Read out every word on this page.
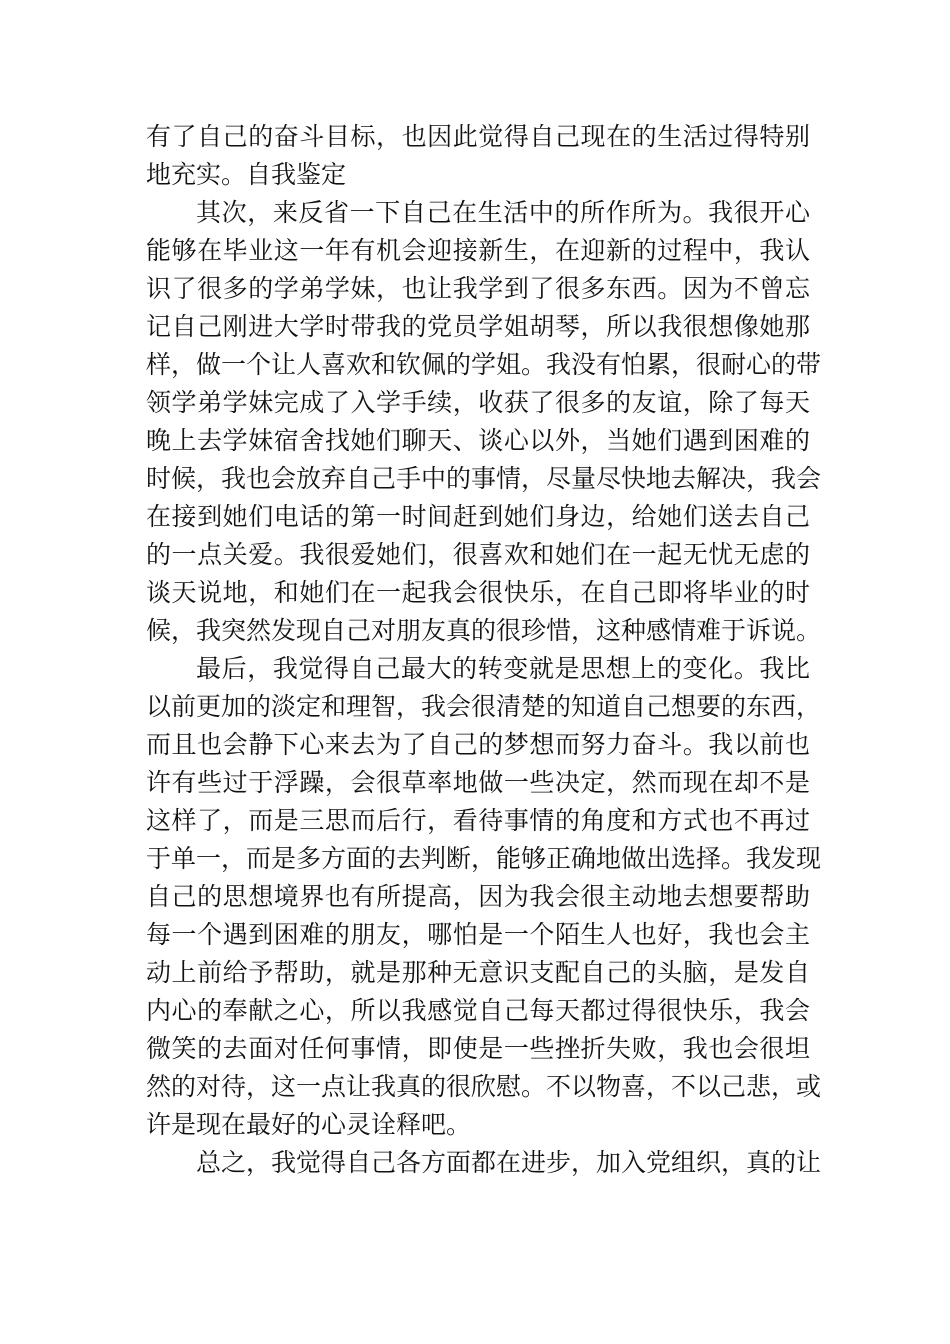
有了自己的奋斗目标，也因此觉得自己现在的生活过得特别
地充实。自我鉴定

其次，来反省一下自己在生活中的所作所为。我很开心
能够在毕业这一年有机会迎接新生，在迎新的过程中，我认
识了很多的学弟学妹，也让我学到了很多东西。因为不曾忘
记自己刚进大学时带我的党员学姐胡琴，所以我很想像她那
样，做一个让人喜欢和钦佩的学姐。我没有怕累，很耐心的带
领学弟学妹完成了入学手续，收获了很多的友谊，除了每天
晚上去学妹宿舍找她们聊天、谈心以外，当她们遇到困难的
时候，我也会放弃自己手中的事情，尽量尽快地去解决，我会
在接到她们电话的第一时间赶到她们身边，给她们送去自己
的一点关爱。我很爱她们，很喜欢和她们在一起无忧无虑的
谈天说地，和她们在一起我会很快乐，在自己即将毕业的时
候，我突然发现自己对朋友真的很珍惜，这种感情难于诉说。

最后，我觉得自己最大的转变就是思想上的变化。我比
以前更加的淡定和理智，我会很清楚的知道自己想要的东西，
而且也会静下心来去为了自己的梦想而努力奋斗。我以前也
许有些过于浮躁，会很草率地做一些决定，然而现在却不是
这样了，而是三思而后行，看待事情的角度和方式也不再过
于单一，而是多方面的去判断，能够正确地做出选择。我发现
自己的思想境界也有所提高，因为我会很主动地去想要帮助
每一个遇到困难的朋友，哪怕是一个陌生人也好，我也会主
动上前给予帮助，就是那种无意识支配自己的头脑，是发自
内心的奉献之心，所以我感觉自己每天都过得很快乐，我会
微笑的去面对任何事情，即使是一些挫折失败，我也会很坦
然的对待，这一点让我真的很欣慰。不以物喜，不以己悲，或
许是现在最好的心灵诠释吧。

总之，我觉得自己各方面都在进步，加入党组织，真的让
